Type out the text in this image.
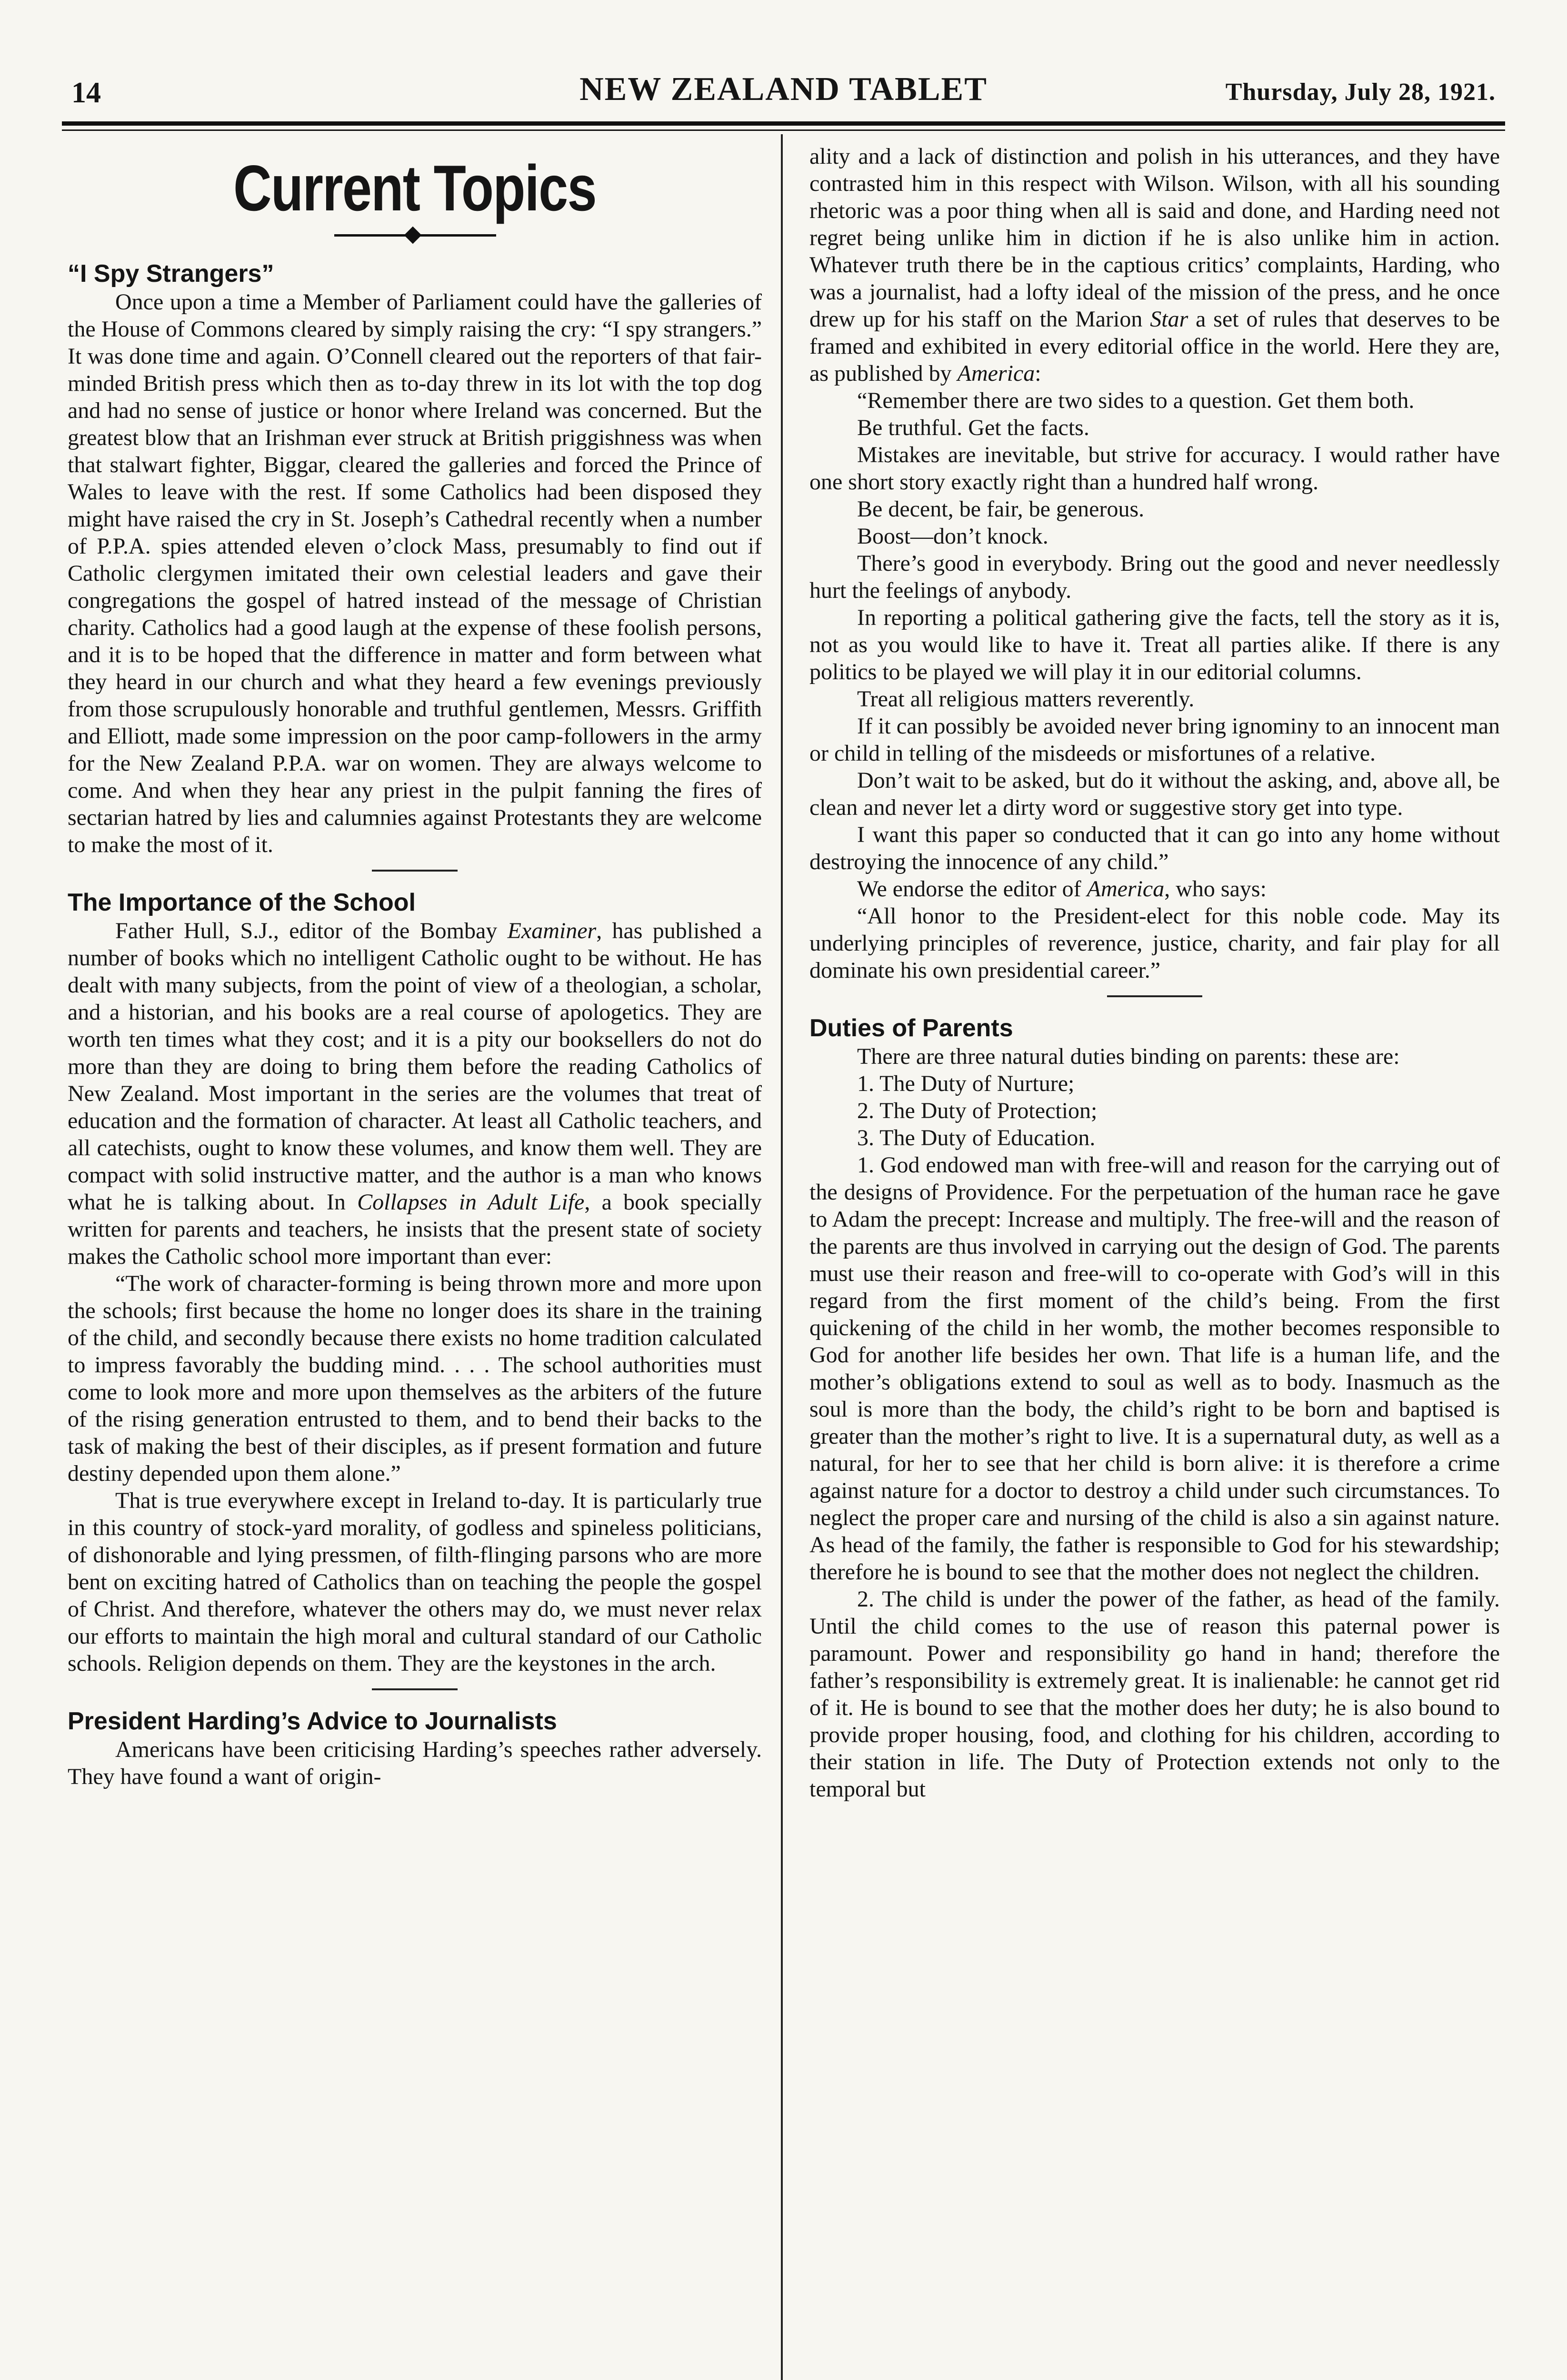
14	NEW ZEALAND TABLET	Thursday, July 28, 1921.
Current Topics
“I Spy Strangers”

Once upon a time a Member of Parliament could have the galleries of the House of Commons cleared by simply raising the cry: “I spy strangers.” It was done time and again. O’Connell cleared out the reporters of that fair-minded British press which then as to-day threw in its lot with the top dog and had no sense of justice or honor where Ireland was concerned. But the greatest blow that an Irishman ever struck at British priggishness was when that stalwart fighter, Biggar, cleared the galleries and forced the Prince of Wales to leave with the rest. If some Catholics had been disposed they might have raised the cry in St. Joseph’s Cathedral recently when a number of P.P.A. spies attended eleven o’clock Mass, presumably to find out if Catholic clergymen imitated their own celestial leaders and gave their congregations the gospel of hatred instead of the message of Christian charity. Catholics had a good laugh at the expense of these foolish persons, and it is to be hoped that the difference in matter and form between what they heard in our church and what they heard a few evenings previously from those scrupulously honorable and truthful gentlemen, Messrs. Griffith and Elliott, made some impression on the poor camp-followers in the army for the New Zealand P.P.A. war on women. They are always welcome to come. And when they hear any priest in the pulpit fanning the fires of sectarian hatred by lies and calumnies against Protestants they are welcome to make the most of it.

The Importance of the School

Father Hull, S.J., editor of the Bombay Examiner, has published a number of books which no intelligent Catholic ought to be without. He has dealt with many subjects, from the point of view of a theologian, a scholar, and a historian, and his books are a real course of apologetics. They are worth ten times what they cost; and it is a pity our booksellers do not do more than they are doing to bring them before the reading Catholics of New Zealand. Most important in the series are the volumes that treat of education and the formation of character. At least all Catholic teachers, and all catechists, ought to know these volumes, and know them well. They are compact with solid instructive matter, and the author is a man who knows what he is talking about. In Collapses in Adult Life, a book specially written for parents and teachers, he insists that the present state of society makes the Catholic school more important than ever:

“The work of character-forming is being thrown more and more upon the schools; first because the home no longer does its share in the training of the child, and secondly because there exists no home tradition calculated to impress favorably the budding mind. . . . The school authorities must come to look more and more upon themselves as the arbiters of the future of the rising generation entrusted to them, and to bend their backs to the task of making the best of their disciples, as if present formation and future destiny depended upon them alone.”

That is true everywhere except in Ireland to-day. It is particularly true in this country of stock-yard morality, of godless and spineless politicians, of dishonorable and lying pressmen, of filth-flinging parsons who are more bent on exciting hatred of Catholics than on teaching the people the gospel of Christ. And therefore, whatever the others may do, we must never relax our efforts to maintain the high moral and cultural standard of our Catholic schools. Religion depends on them. They are the keystones in the arch.

President Harding’s Advice to Journalists

Americans have been criticising Harding’s speeches rather adversely. They have found a want of origin-

ality and a lack of distinction and polish in his utterances, and they have contrasted him in this respect with Wilson. Wilson, with all his sounding rhetoric was a poor thing when all is said and done, and Harding need not regret being unlike him in diction if he is also unlike him in action. Whatever truth there be in the captious critics’ complaints, Harding, who was a journalist, had a lofty ideal of the mission of the press, and he once drew up for his staff on the Marion Star a set of rules that deserves to be framed and exhibited in every editorial office in the world. Here they are, as published by America:

“Remember there are two sides to a question. Get them both.

Be truthful. Get the facts.

Mistakes are inevitable, but strive for accuracy. I would rather have one short story exactly right than a hundred half wrong.

Be decent, be fair, be generous.

Boost—don’t knock.

There’s good in everybody. Bring out the good and never needlessly hurt the feelings of anybody.

In reporting a political gathering give the facts, tell the story as it is, not as you would like to have it. Treat all parties alike. If there is any politics to be played we will play it in our editorial columns.

Treat all religious matters reverently.

If it can possibly be avoided never bring ignominy to an innocent man or child in telling of the misdeeds or misfortunes of a relative.

Don’t wait to be asked, but do it without the asking, and, above all, be clean and never let a dirty word or suggestive story get into type.

I want this paper so conducted that it can go into any home without destroying the innocence of any child.”

We endorse the editor of America, who says:

“All honor to the President-elect for this noble code. May its underlying principles of reverence, justice, charity, and fair play for all dominate his own presidential career.”

Duties of Parents

There are three natural duties binding on parents: these are:

1. The Duty of Nurture;

2. The Duty of Protection;

3. The Duty of Education.

1. God endowed man with free-will and reason for the carrying out of the designs of Providence. For the perpetuation of the human race he gave to Adam the precept: Increase and multiply. The free-will and the reason of the parents are thus involved in carrying out the design of God. The parents must use their reason and free-will to co-operate with God’s will in this regard from the first moment of the child’s being. From the first quickening of the child in her womb, the mother becomes responsible to God for another life besides her own. That life is a human life, and the mother’s obligations extend to soul as well as to body. Inasmuch as the soul is more than the body, the child’s right to be born and baptised is greater than the mother’s right to live. It is a supernatural duty, as well as a natural, for her to see that her child is born alive: it is therefore a crime against nature for a doctor to destroy a child under such circumstances. To neglect the proper care and nursing of the child is also a sin against nature. As head of the family, the father is responsible to God for his stewardship; therefore he is bound to see that the mother does not neglect the children.

2. The child is under the power of the father, as head of the family. Until the child comes to the use of reason this paternal power is paramount. Power and responsibility go hand in hand; therefore the father’s responsibility is extremely great. It is inalienable: he cannot get rid of it. He is bound to see that the mother does her duty; he is also bound to provide proper housing, food, and clothing for his children, according to their station in life. The Duty of Protection extends not only to the temporal but
